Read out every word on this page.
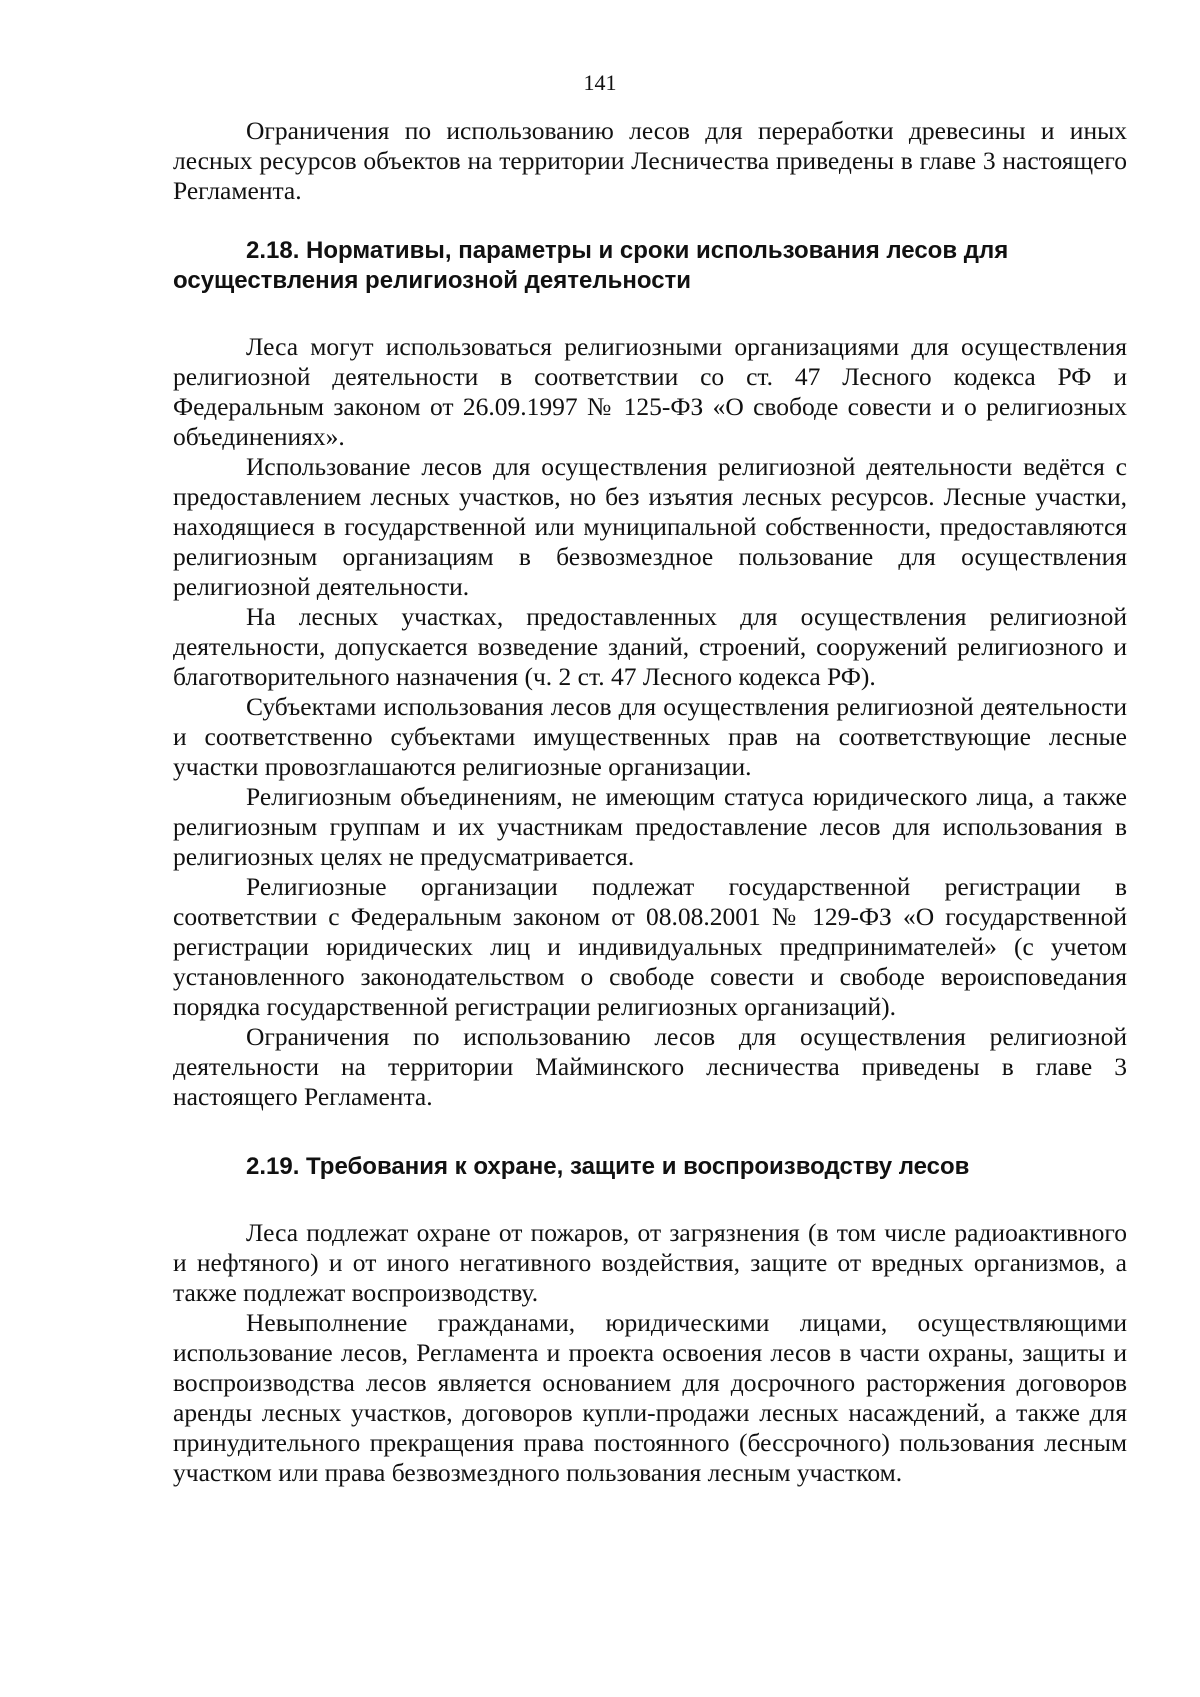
141

Ограничения по использованию лесов для переработки древесины и иных лесных ресурсов объектов на территории Лесничества приведены в главе 3 настоящего Регламента.

2.18. Нормативы, параметры и сроки использования лесов для осуществления религиозной деятельности

Леса могут использоваться религиозными организациями для осуществления религиозной деятельности в соответствии со ст. 47 Лесного кодекса РФ и Федеральным законом от 26.09.1997 № 125-ФЗ «О свободе совести и о религиозных объединениях».

Использование лесов для осуществления религиозной деятельности ведётся с предоставлением лесных участков, но без изъятия лесных ресурсов. Лесные участки, находящиеся в государственной или муниципальной собственности, предоставляются религиозным организациям в безвозмездное пользование для осуществления религиозной деятельности.

На лесных участках, предоставленных для осуществления религиозной деятельности, допускается возведение зданий, строений, сооружений религиозного и благотворительного назначения (ч. 2 ст. 47 Лесного кодекса РФ).

Субъектами использования лесов для осуществления религиозной деятельности и соответственно субъектами имущественных прав на соответствующие лесные участки провозглашаются религиозные организации.

Религиозным объединениям, не имеющим статуса юридического лица, а также религиозным группам и их участникам предоставление лесов для использования в религиозных целях не предусматривается.

Религиозные организации подлежат государственной регистрации в соответствии с Федеральным законом от 08.08.2001 № 129-ФЗ «О государственной регистрации юридических лиц и индивидуальных предпринимателей» (с учетом установленного законодательством о свободе совести и свободе вероисповедания порядка государственной регистрации религиозных организаций).

Ограничения по использованию лесов для осуществления религиозной деятельности на территории Майминского лесничества приведены в главе 3 настоящего Регламента.

2.19. Требования к охране, защите и воспроизводству лесов

Леса подлежат охране от пожаров, от загрязнения (в том числе радиоактивного и нефтяного) и от иного негативного воздействия, защите от вредных организмов, а также подлежат воспроизводству.

Невыполнение гражданами, юридическими лицами, осуществляющими использование лесов, Регламента и проекта освоения лесов в части охраны, защиты и воспроизводства лесов является основанием для досрочного расторжения договоров аренды лесных участков, договоров купли-продажи лесных насаждений, а также для принудительного прекращения права постоянного (бессрочного) пользования лесным участком или права безвозмездного пользования лесным участком.
